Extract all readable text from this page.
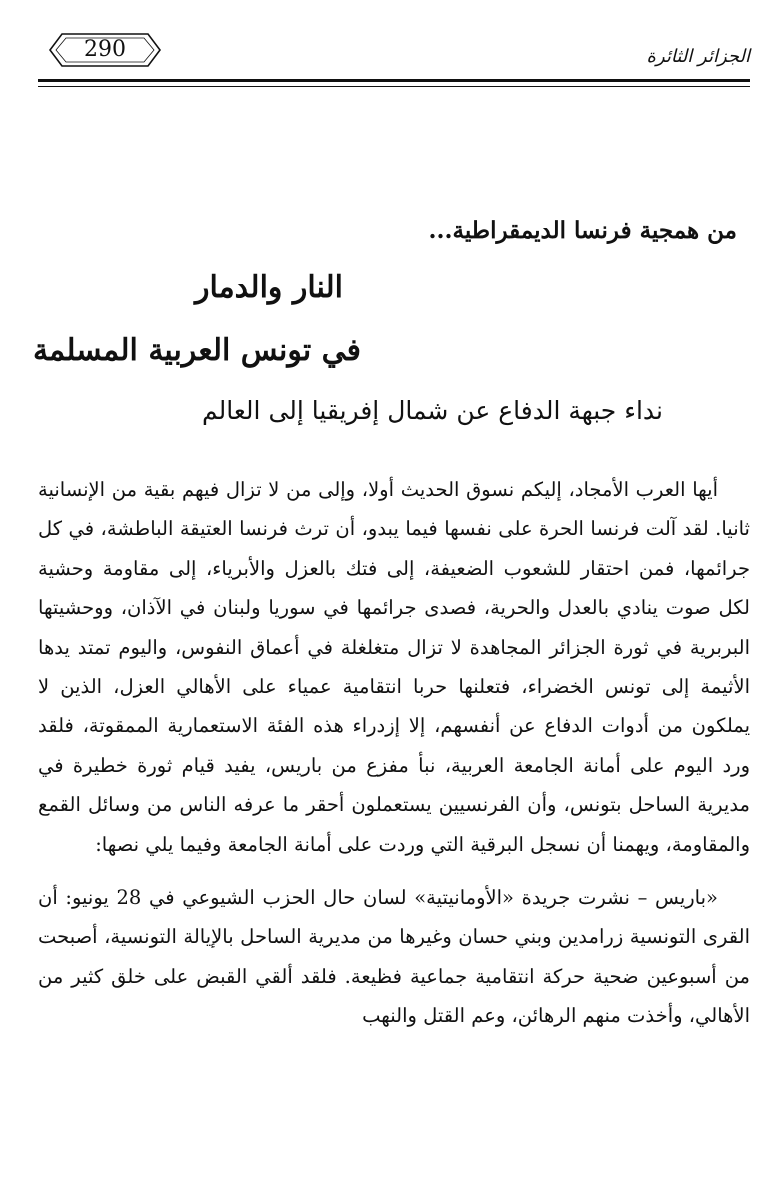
الجزائر الثائرة
290
من همجية فرنسا الديمقراطية...
النار والدمار
في تونس العربية المسلمة
نداء جبهة الدفاع عن شمال إفريقيا إلى العالم

أيها العرب الأمجاد، إليكم نسوق الحديث أولا، وإلى من لا تزال فيهم بقية من الإنسانية ثانيا. لقد آلت فرنسا الحرة على نفسها فيما يبدو، أن ترث فرنسا العتيقة الباطشة، في كل جرائمها، فمن احتقار للشعوب الضعيفة، إلى فتك بالعزل والأبرياء، إلى مقاومة وحشية لكل صوت ينادي بالعدل والحرية، فصدى جرائمها في سوريا ولبنان في الآذان، ووحشيتها البربرية في ثورة الجزائر المجاهدة لا تزال متغلغلة في أعماق النفوس، واليوم تمتد يدها الأثيمة إلى تونس الخضراء، فتعلنها حربا انتقامية عمياء على الأهالي العزل، الذين لا يملكون من أدوات الدفاع عن أنفسهم، إلا إزدراء هذه الفئة الاستعمارية الممقوتة، فلقد ورد اليوم على أمانة الجامعة العربية، نبأ مفزع من باريس، يفيد قيام ثورة خطيرة في مديرية الساحل بتونس، وأن الفرنسيين يستعملون أحقر ما عرفه الناس من وسائل القمع والمقاومة، ويهمنا أن نسجل البرقية التي وردت على أمانة الجامعة وفيما يلي نصها:

«باريس – نشرت جريدة «الأومانيتية» لسان حال الحزب الشيوعي في 28 يونيو: أن القرى التونسية زرامدين وبني حسان وغيرها من مديرية الساحل بالإيالة التونسية، أصبحت من أسبوعين ضحية حركة انتقامية جماعية فظيعة. فلقد ألقي القبض على خلق كثير من الأهالي، وأخذت منهم الرهائن، وعم القتل والنهب
